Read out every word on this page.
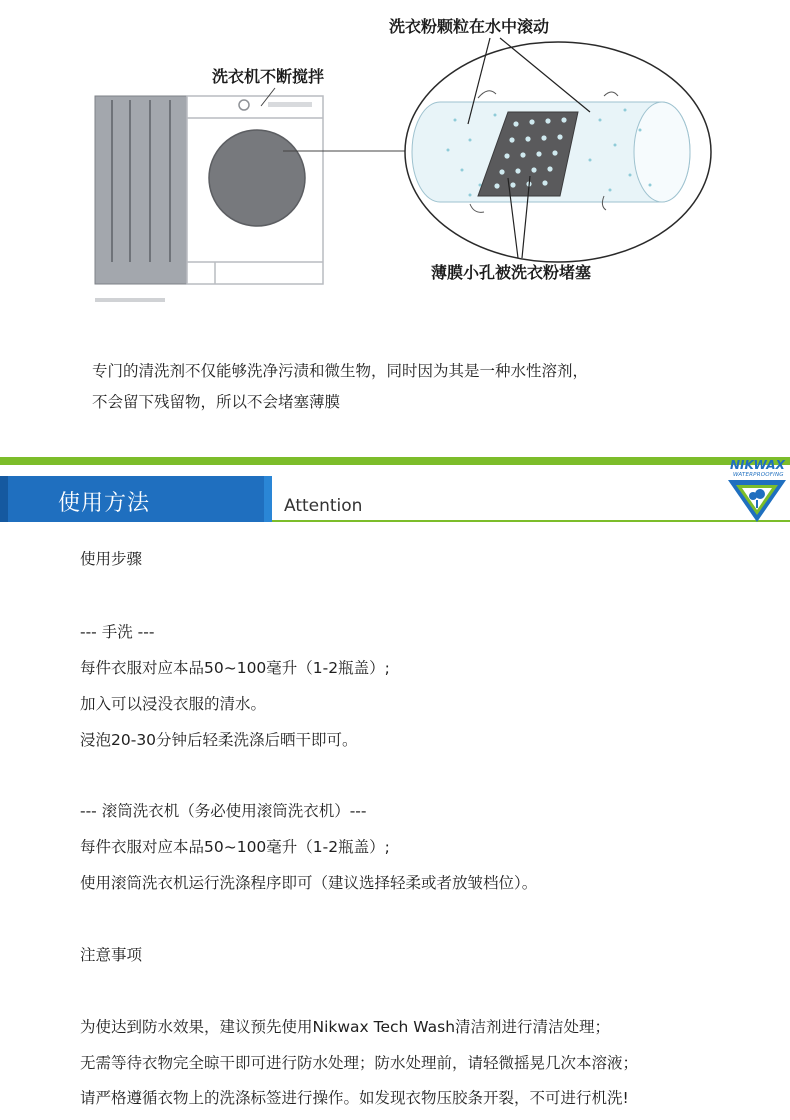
洗衣机不断搅拌
洗衣粉颗粒在水中滚动
薄膜小孔被洗衣粉堵塞

专门的清洗剂不仅能够洗净污渍和微生物，同时因为其是一种水性溶剂，

不会留下残留物，所以不会堵塞薄膜

使用方法	Attention
NIKWAX
WATERPROOFING
使用步骤
--- 手洗 ---
每件衣服对应本品50~100毫升（1-2瓶盖）;
加入可以浸没衣服的清水。
浸泡20-30分钟后轻柔洗涤后晒干即可。
--- 滚筒洗衣机（务必使用滚筒洗衣机）---
每件衣服对应本品50~100毫升（1-2瓶盖）;
使用滚筒洗衣机运行洗涤程序即可（建议选择轻柔或者放皱档位）。
注意事项
为使达到防水效果，建议预先使用Nikwax Tech Wash清洁剂进行清洁处理；
无需等待衣物完全晾干即可进行防水处理；防水处理前，请轻微摇晃几次本溶液；
请严格遵循衣物上的洗涤标签进行操作。如发现衣物压胶条开裂，不可进行机洗!
